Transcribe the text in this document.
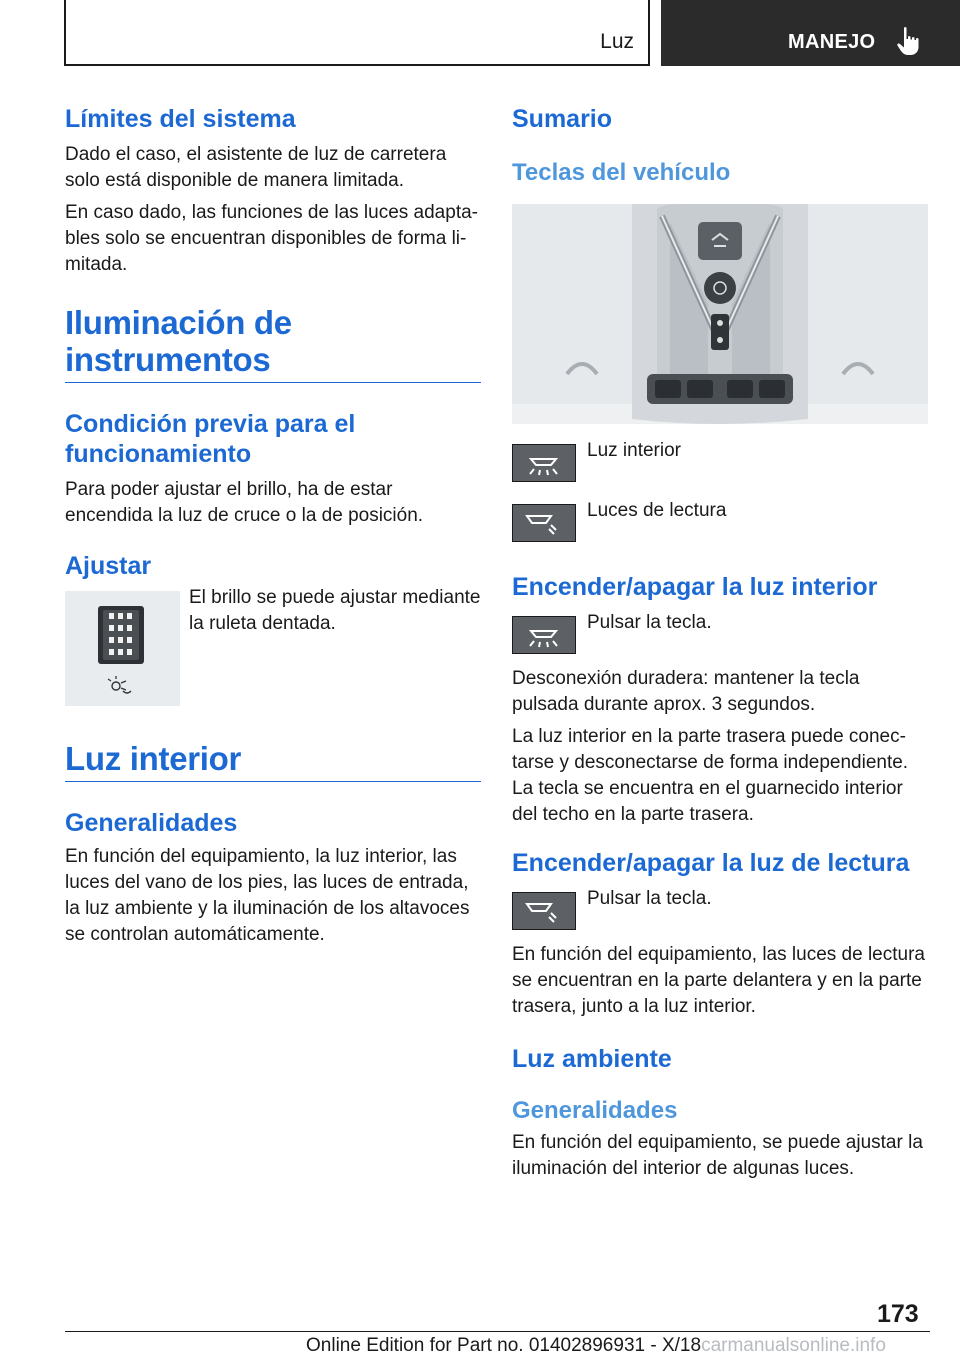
Luz	MANEJO
Límites del sistema

Dado el caso, el asistente de luz de carretera solo está disponible de manera limitada.

En caso dado, las funciones de las luces adaptables solo se encuentran disponibles de forma limitada.

Iluminación de
instrumentos
Condición previa para el funcionamiento

Para poder ajustar el brillo, ha de estar encendida la luz de cruce o la de posición.

Ajustar

El brillo se puede ajustar mediante la ruleta dentada.

Luz interior
Generalidades

En función del equipamiento, la luz interior, las luces del vano de los pies, las luces de entrada, la luz ambiente y la iluminación de los altavoces se controlan automáticamente.

Sumario
Teclas del vehículo
Luz interior
Luces de lectura
Encender/apagar la luz interior
Pulsar la tecla.

Desconexión duradera: mantener la tecla pulsada durante aprox. 3 segundos.

La luz interior en la parte trasera puede conectarse y desconectarse de forma independiente. La tecla se encuentra en el guarnecido interior del techo en la parte trasera.

Encender/apagar la luz de lectura
Pulsar la tecla.

En función del equipamiento, las luces de lectura se encuentran en la parte delantera y en la parte trasera, junto a la luz interior.

Luz ambiente
Generalidades

En función del equipamiento, se puede ajustar la iluminación del interior de algunas luces.

173
Online Edition for Part no. 01402896931 - X/18carmanualsonline.info
